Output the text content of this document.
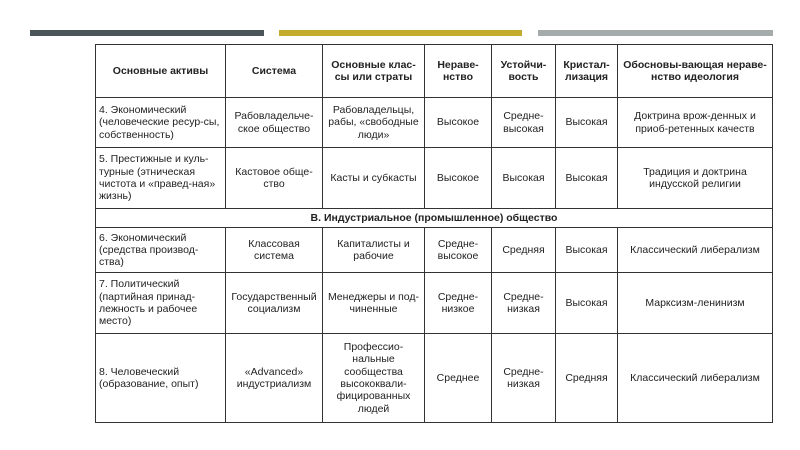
Основные активы	Система	Основные клас-сы или страты	Нераве-нство	Устойчи-вость	Кристал-лизация	Обосновы-вающая нераве-нство идеология
4. Экономический (человеческие ресур-сы, собственность)	Рабовладельче-ское общество	Рабовладельцы, рабы, «свободные люди»	Высокое	Средне-высокая	Высокая	Доктрина врож-денных и приоб-ретенных качеств
5. Престижные и куль-турные (этническая чистота и «правед-ная» жизнь)	Кастовое обще-ство	Касты и субкасты	Высокое	Высокая	Высокая	Традиция и доктрина индусской религии
B. Индустриальное (промышленное) общество						
6. Экономический (средства производ-ства)	Классовая система	Капиталисты и рабочие	Средне-высокое	Средняя	Высокая	Классический либерализм
7. Политический (партийная принад-лежность и рабочее место)	Государственный социализм	Менеджеры и под-чиненные	Средне-низкое	Средне-низкая	Высокая	Марксизм-ленинизм
8. Человеческий (образование, опыт)	«Advanced» индустриализм	Профессио-нальные сообщества высококвали-фицированных людей	Среднее	Средне-низкая	Средняя	Классический либерализм
